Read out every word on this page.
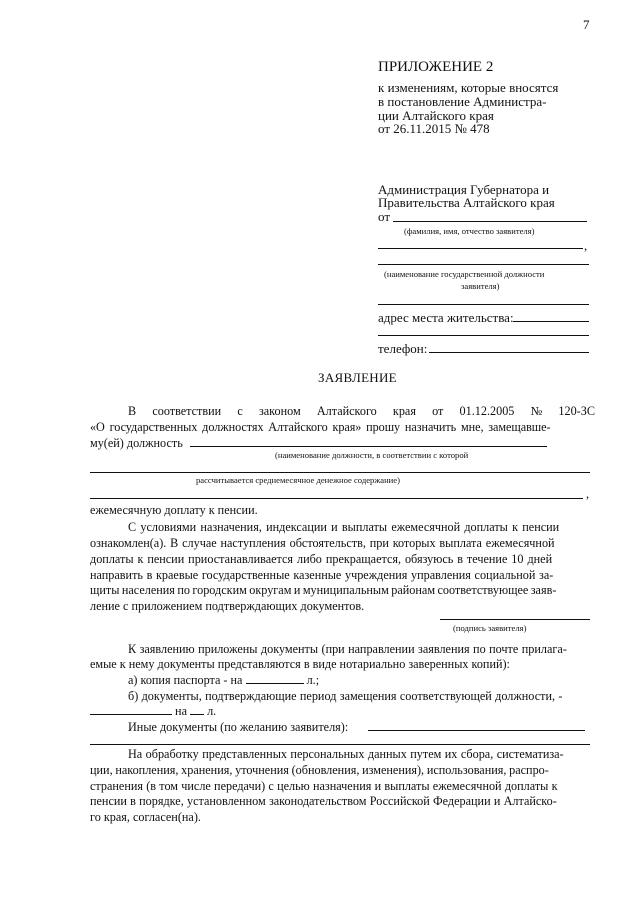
7
ПРИЛОЖЕНИЕ 2
к изменениям, которые вносятся
в постановление Администра-
ции Алтайского края
от 26.11.2015 № 478
Администрация Губернатора и
Правительства Алтайского края
от
(фамилия, имя, отчество заявителя)
,
(наименование государственной должности
заявителя)
адрес места жительства:
телефон:
ЗАЯВЛЕНИЕ
В соответствии с законом Алтайского края от 01.12.2005 № 120-ЗС
«О государственных должностях Алтайского края» прошу назначить мне, замещавше-
му(ей) должность
(наименование должности, в соответствии с которой
рассчитывается среднемесячное денежное содержание)
,
ежемесячную доплату к пенсии.
С условиями назначения, индексации и выплаты ежемесячной доплаты к пенсии
ознакомлен(а). В случае наступления обстоятельств, при которых выплата ежемесячной
доплаты к пенсии приостанавливается либо прекращается, обязуюсь в течение 10 дней
направить в краевые государственные казенные учреждения управления социальной за-
щиты населения по городским округам и муниципальным районам соответствующее заяв-
ление с приложением подтверждающих документов.
(подпись заявителя)
К заявлению приложены документы (при направлении заявления по почте прилага-
емые к нему документы представляются в виде нотариально заверенных копий):
а) копия паспорта - на	л.;
б) документы, подтверждающие период замещения соответствующей должности, -
на л.
Иные документы (по желанию заявителя):
На обработку представленных персональных данных путем их сбора, систематиза-
ции, накопления, хранения, уточнения (обновления, изменения), использования, распро-
странения (в том числе передачи) с целью назначения и выплаты ежемесячной доплаты к
пенсии в порядке, установленном законодательством Российской Федерации и Алтайско-
го края, согласен(на).
